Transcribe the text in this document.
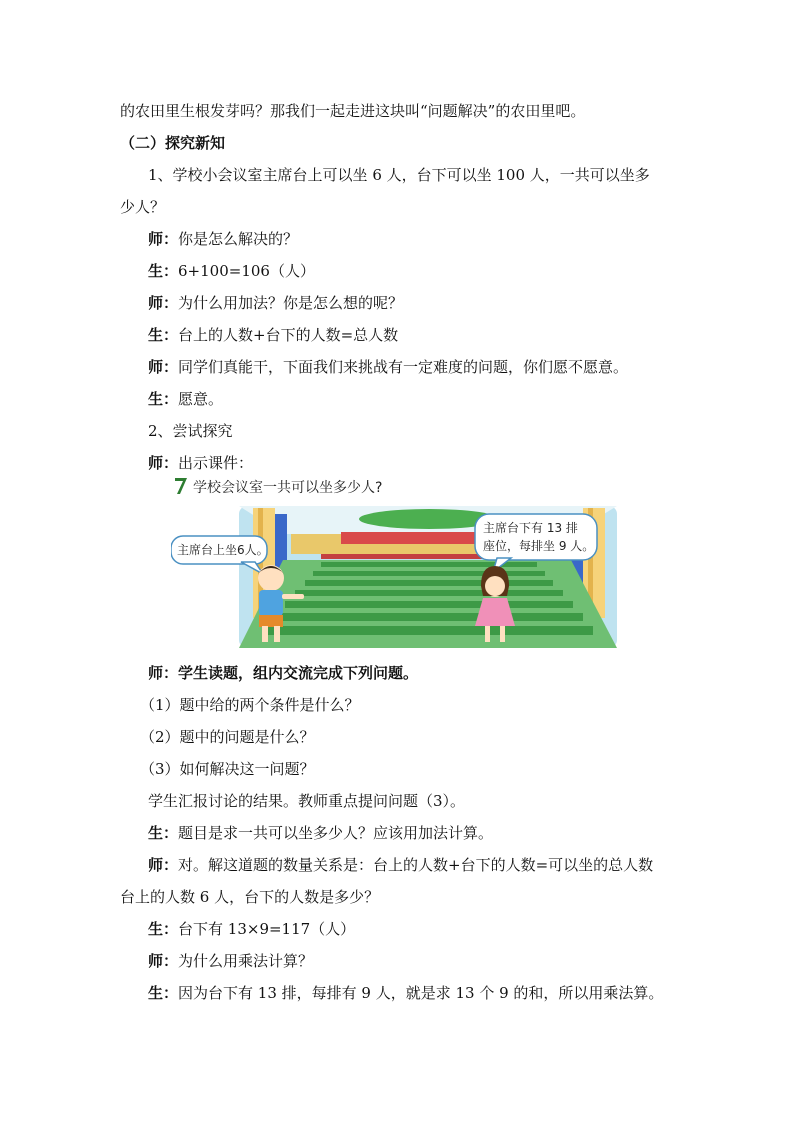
的农田里生根发芽吗？那我们一起走进这块叫“问题解决”的农田里吧。
（二）探究新知
1、学校小会议室主席台上可以坐 6 人，台下可以坐 100 人，一共可以坐多
少人？
师：你是怎么解决的？
生：6+100=106（人）
师：为什么用加法？你是怎么想的呢？
生：台上的人数+台下的人数=总人数
师：同学们真能干，下面我们来挑战有一定难度的问题，你们愿不愿意。
生：愿意。
2、尝试探究
师：出示课件：
学校会议室一共可以坐多少人?
主席台上坐6人。
主席台下有 13 排
座位，每排坐 9 人。
师：学生读题，组内交流完成下列问题。
（1）题中给的两个条件是什么？
（2）题中的问题是什么？
（3）如何解决这一问题？
学生汇报讨论的结果。教师重点提问问题（3）。
生：题目是求一共可以坐多少人？应该用加法计算。
师：对。解这道题的数量关系是：台上的人数+台下的人数=可以坐的总人数
台上的人数 6 人，台下的人数是多少？
生：台下有 13×9=117（人）
师：为什么用乘法计算？
生：因为台下有 13 排，每排有 9 人，就是求 13 个 9 的和，所以用乘法算。
